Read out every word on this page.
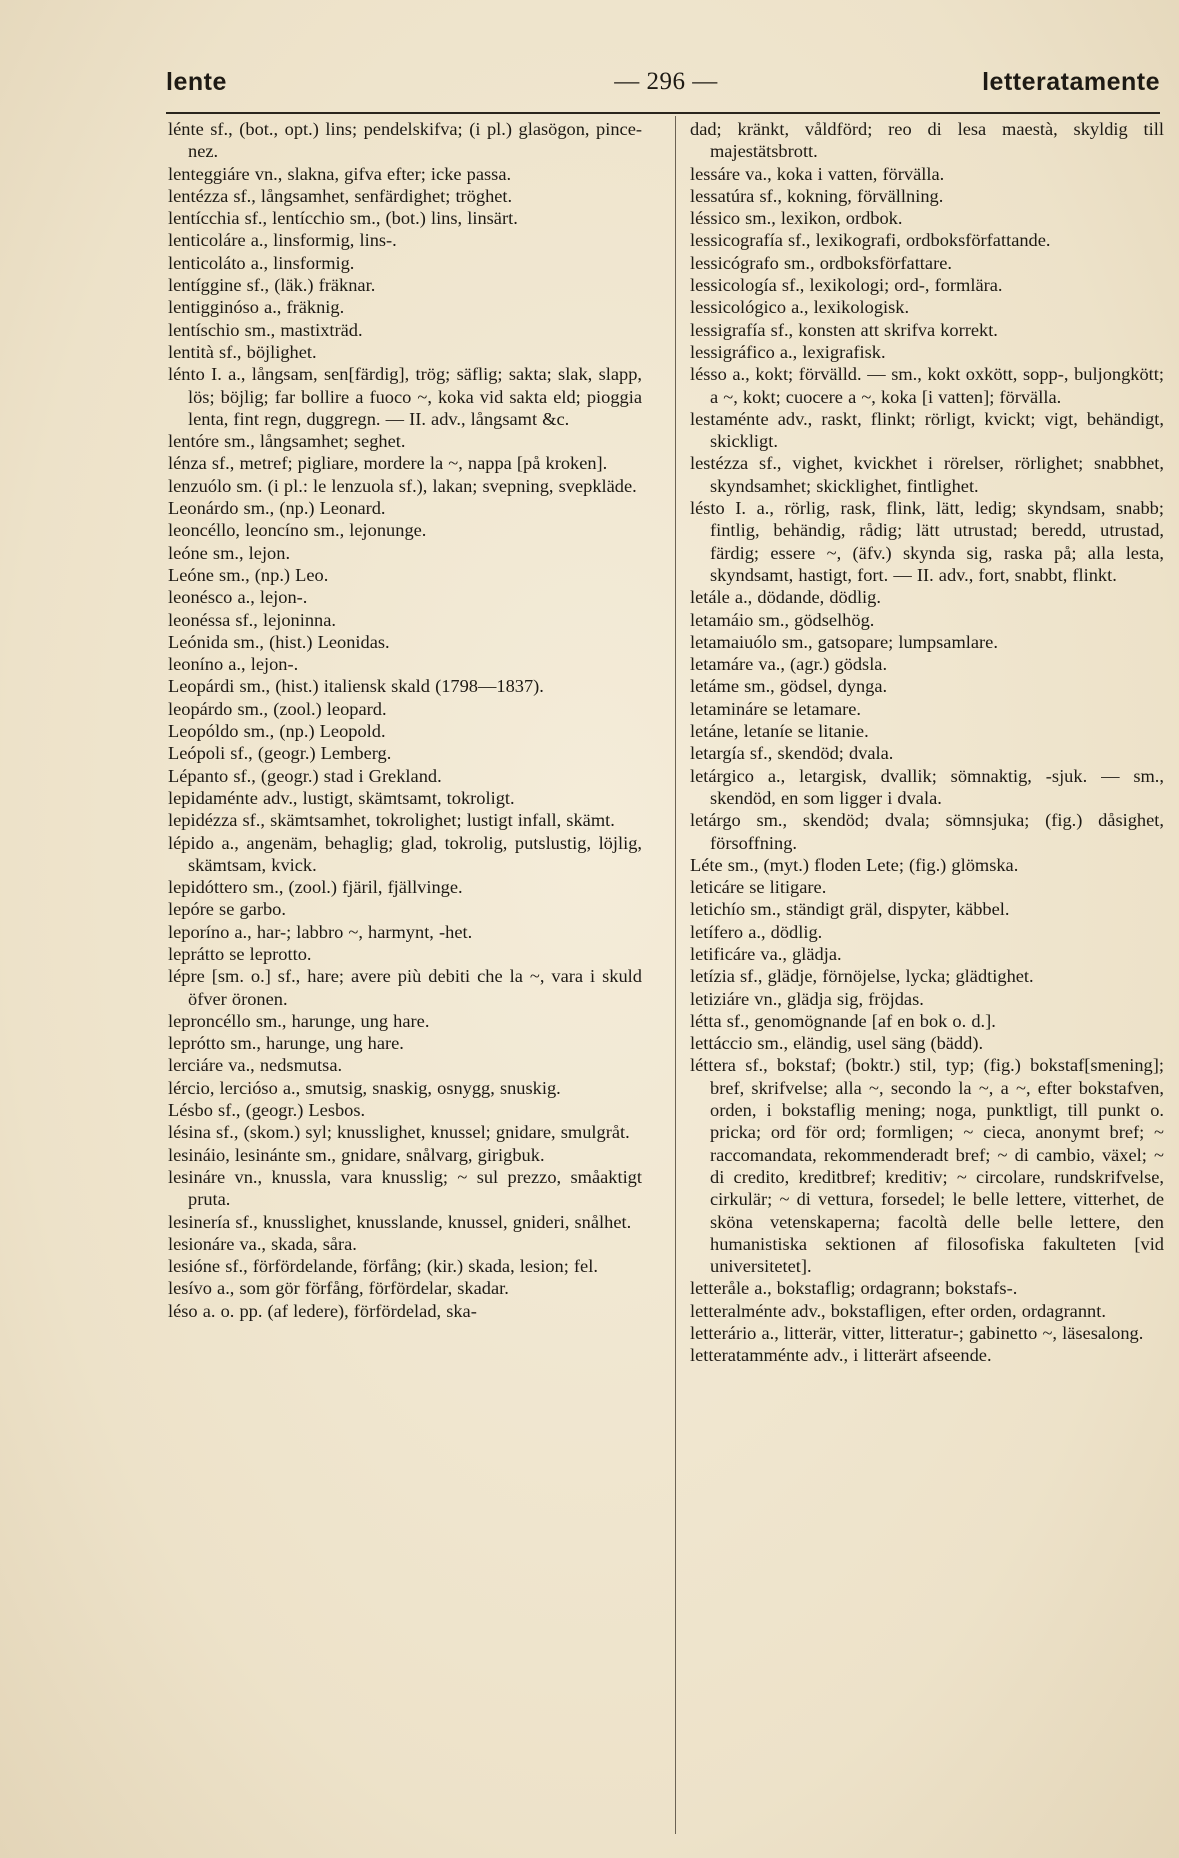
lente	— 296 —	letteratamente

lénte sf., (bot., opt.) lins; pendelskifva; (i pl.) glasögon, pince-nez.

lenteggiáre vn., slakna, gifva efter; icke passa.

lentézza sf., långsamhet, senfärdighet; tröghet.

lentícchia sf., lentícchio sm., (bot.) lins, linsärt.

lenticoláre a., linsformig, lins-.

lenticoláto a., linsformig.

lentíggine sf., (läk.) fräknar.

lentigginóso a., fräknig.

lentíschio sm., mastixträd.

lentità sf., böjlighet.

lénto I. a., långsam, sen[färdig], trög; säflig; sakta; slak, slapp, lös; böjlig; far bollire a fuoco ~, koka vid sakta eld; pioggia lenta, fint regn, duggregn. — II. adv., långsamt &c.

lentóre sm., långsamhet; seghet.

lénza sf., metref; pigliare, mordere la ~, nappa [på kroken].

lenzuólo sm. (i pl.: le lenzuola sf.), lakan; svepning, svepkläde.

Leonárdo sm., (np.) Leonard.

leoncéllo, leoncíno sm., lejonunge.

leóne sm., lejon.

Leóne sm., (np.) Leo.

leonésco a., lejon-.

leonéssa sf., lejoninna.

Leónida sm., (hist.) Leonidas.

leoníno a., lejon-.

Leopárdi sm., (hist.) italiensk skald (1798—1837).

leopárdo sm., (zool.) leopard.

Leopóldo sm., (np.) Leopold.

Leópoli sf., (geogr.) Lemberg.

Lépanto sf., (geogr.) stad i Grekland.

lepidaménte adv., lustigt, skämtsamt, tokroligt.

lepidézza sf., skämtsamhet, tokrolighet; lustigt infall, skämt.

lépido a., angenäm, behaglig; glad, tokrolig, putslustig, löjlig, skämtsam, kvick.

lepidóttero sm., (zool.) fjäril, fjällvinge.

lepóre se garbo.

leporíno a., har-; labbro ~, harmynt, -het.

leprátto se leprotto.

lépre [sm. o.] sf., hare; avere più debiti che la ~, vara i skuld öfver öronen.

leproncéllo sm., harunge, ung hare.

leprótto sm., harunge, ung hare.

lerciáre va., nedsmutsa.

lércio, lercióso a., smutsig, snaskig, osnygg, snuskig.

Lésbo sf., (geogr.) Lesbos.

lésina sf., (skom.) syl; knusslighet, knussel; gnidare, smulgråt.

lesináio, lesinánte sm., gnidare, snålvarg, girigbuk.

lesináre vn., knussla, vara knusslig; ~ sul prezzo, småaktigt pruta.

lesinería sf., knusslighet, knusslande, knussel, gnideri, snålhet.

lesionáre va., skada, såra.

lesióne sf., förfördelande, förfång; (kir.) skada, lesion; fel.

lesívo a., som gör förfång, förfördelar, skadar.

léso a. o. pp. (af ledere), förfördelad, ska-

dad; kränkt, våldförd; reo di lesa maestà, skyldig till majestätsbrott.

lessáre va., koka i vatten, förvälla.

lessatúra sf., kokning, förvällning.

léssico sm., lexikon, ordbok.

lessicografía sf., lexikografi, ordboksförfattande.

lessicógrafo sm., ordboksförfattare.

lessicología sf., lexikologi; ord-, formlära.

lessicológico a., lexikologisk.

lessigrafía sf., konsten att skrifva korrekt.

lessigráfico a., lexigrafisk.

lésso a., kokt; förvälld. — sm., kokt oxkött, sopp-, buljongkött; a ~, kokt; cuocere a ~, koka [i vatten]; förvälla.

lestaménte adv., raskt, flinkt; rörligt, kvickt; vigt, behändigt, skickligt.

lestézza sf., vighet, kvickhet i rörelser, rörlighet; snabbhet, skyndsamhet; skicklighet, fintlighet.

lésto I. a., rörlig, rask, flink, lätt, ledig; skyndsam, snabb; fintlig, behändig, rådig; lätt utrustad; beredd, utrustad, färdig; essere ~, (äfv.) skynda sig, raska på; alla lesta, skyndsamt, hastigt, fort. — II. adv., fort, snabbt, flinkt.

letále a., dödande, dödlig.

letamáio sm., gödselhög.

letamaiuólo sm., gatsopare; lumpsamlare.

letamáre va., (agr.) gödsla.

letáme sm., gödsel, dynga.

letamináre se letamare.

letáne, letaníe se litanie.

letargía sf., skendöd; dvala.

letárgico a., letargisk, dvallik; sömnaktig, -sjuk. — sm., skendöd, en som ligger i dvala.

letárgo sm., skendöd; dvala; sömnsjuka; (fig.) dåsighet, försoffning.

Léte sm., (myt.) floden Lete; (fig.) glömska.

leticáre se litigare.

letichío sm., ständigt gräl, dispyter, käbbel.

letífero a., dödlig.

letificáre va., glädja.

letízia sf., glädje, förnöjelse, lycka; glädtighet.

letiziáre vn., glädja sig, fröjdas.

létta sf., genomögnande [af en bok o. d.].

lettáccio sm., eländig, usel säng (bädd).

léttera sf., bokstaf; (boktr.) stil, typ; (fig.) bokstaf[smening]; bref, skrifvelse; alla ~, secondo la ~, a ~, efter bokstafven, orden, i bokstaflig mening; noga, punktligt, till punkt o. pricka; ord för ord; formligen; ~ cieca, anonymt bref; ~ raccomandata, rekommenderadt bref; ~ di cambio, växel; ~ di credito, kreditbref; kreditiv; ~ circolare, rundskrifvelse, cirkulär; ~ di vettura, forsedel; le belle lettere, vitterhet, de sköna vetenskaperna; facoltà delle belle lettere, den humanistiska sektionen af filosofiska fakulteten [vid universitetet].

letteråle a., bokstaflig; ordagrann; bokstafs-.

letteralménte adv., bokstafligen, efter orden, ordagrannt.

letterário a., litterär, vitter, litteratur-; gabinetto ~, läsesalong.

letteratamménte adv., i litterärt afseende.
